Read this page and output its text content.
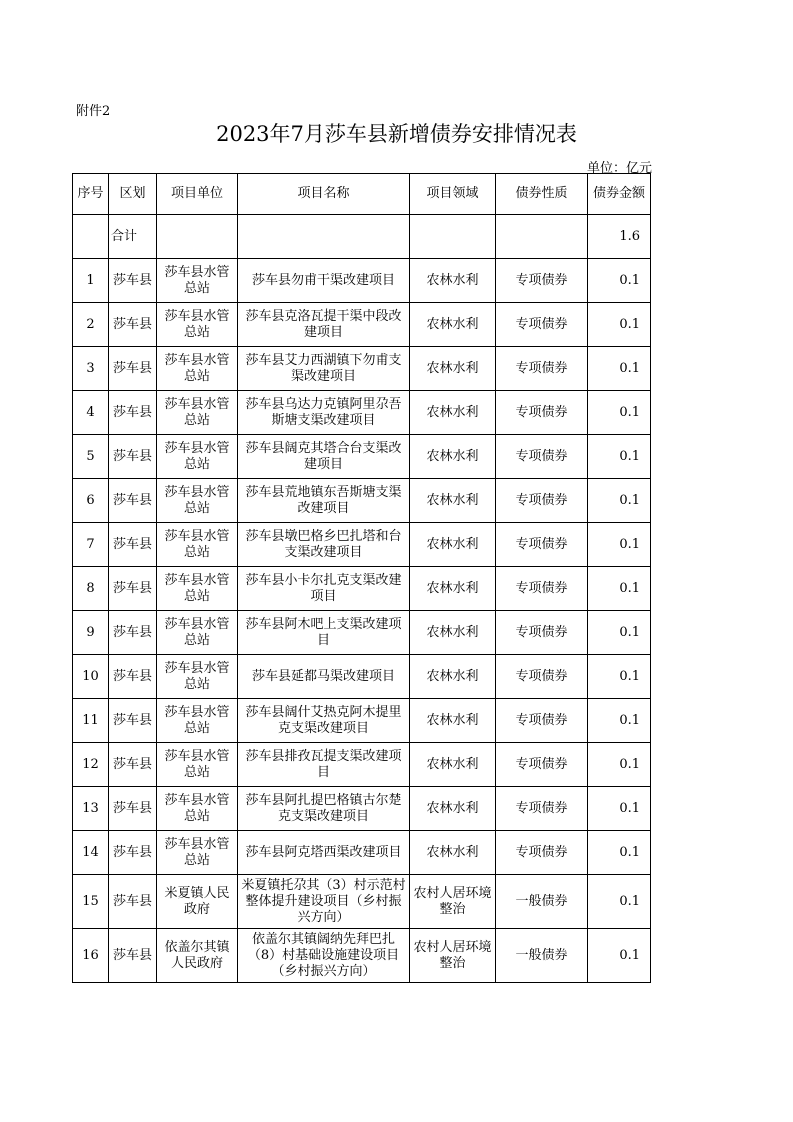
附件2
2023年7月莎车县新增债券安排情况表
单位：亿元
序号	区划	项目单位	项目名称	项目领域	债券性质	债券金额
	合计					1.6
1	莎车县	莎车县水管总站	莎车县勿甫干渠改建项目	农林水利	专项债券	0.1
2	莎车县	莎车县水管总站	莎车县克洛瓦提干渠中段改建项目	农林水利	专项债券	0.1
3	莎车县	莎车县水管总站	莎车县艾力西湖镇下勿甫支渠改建项目	农林水利	专项债券	0.1
4	莎车县	莎车县水管总站	莎车县乌达力克镇阿里尕吾斯塘支渠改建项目	农林水利	专项债券	0.1
5	莎车县	莎车县水管总站	莎车县阔克其塔合台支渠改建项目	农林水利	专项债券	0.1
6	莎车县	莎车县水管总站	莎车县荒地镇东吾斯塘支渠改建项目	农林水利	专项债券	0.1
7	莎车县	莎车县水管总站	莎车县墩巴格乡巴扎塔和台支渠改建项目	农林水利	专项债券	0.1
8	莎车县	莎车县水管总站	莎车县小卡尔扎克支渠改建项目	农林水利	专项债券	0.1
9	莎车县	莎车县水管总站	莎车县阿木吧上支渠改建项目	农林水利	专项债券	0.1
10	莎车县	莎车县水管总站	莎车县延都马渠改建项目	农林水利	专项债券	0.1
11	莎车县	莎车县水管总站	莎车县阔什艾热克阿木提里克支渠改建项目	农林水利	专项债券	0.1
12	莎车县	莎车县水管总站	莎车县排孜瓦提支渠改建项目	农林水利	专项债券	0.1
13	莎车县	莎车县水管总站	莎车县阿扎提巴格镇古尔楚克支渠改建项目	农林水利	专项债券	0.1
14	莎车县	莎车县水管总站	莎车县阿克塔西渠改建项目	农林水利	专项债券	0.1
15	莎车县	米夏镇人民政府	米夏镇托尕其（3）村示范村整体提升建设项目（乡村振兴方向）	农村人居环境整治	一般债券	0.1
16	莎车县	依盖尔其镇人民政府	依盖尔其镇阔纳先拜巴扎（8）村基础设施建设项目（乡村振兴方向）	农村人居环境整治	一般债券	0.1
